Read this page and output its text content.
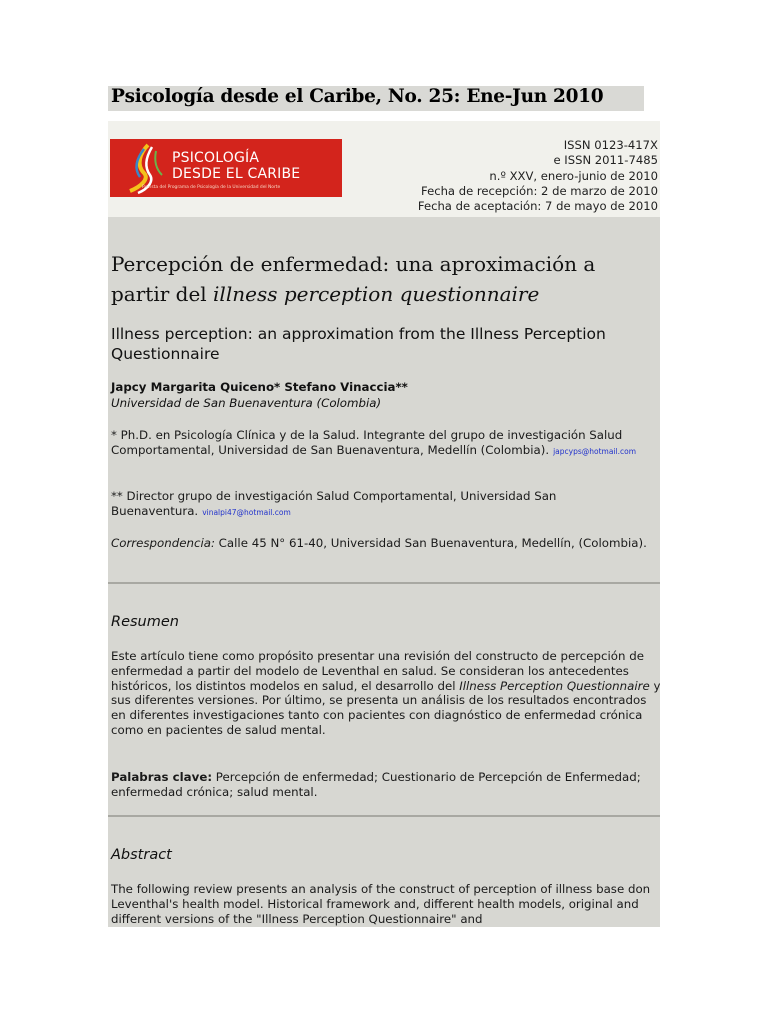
Psicología desde el Caribe, No. 25: Ene-Jun 2010
PSICOLOGÍA
DESDE EL CARIBE
Revista del Programa de Psicología de la Universidad del Norte
ISSN 0123-417X
e ISSN 2011-7485
n.º XXV, enero-junio de 2010
Fecha de recepción: 2 de marzo de 2010
Fecha de aceptación: 7 de mayo de 2010
Percepción de enfermedad: una aproximación a partir del illness perception questionnaire
Illness perception: an approximation from the Illness Perception Questionnaire
Japcy Margarita Quiceno* Stefano Vinaccia**
Universidad de San Buenaventura (Colombia)
* Ph.D. en Psicología Clínica y de la Salud. Integrante del grupo de investigación Salud Comportamental, Universidad de San Buenaventura, Medellín (Colombia). japcyps@hotmail.com
** Director grupo de investigación Salud Comportamental, Universidad San Buenaventura. vinalpi47@hotmail.com
Correspondencia: Calle 45 N° 61-40, Universidad San Buenaventura, Medellín, (Colombia).
Resumen
Este artículo tiene como propósito presentar una revisión del constructo de percepción de enfermedad a partir del modelo de Leventhal en salud. Se consideran los antecedentes históricos, los distintos modelos en salud, el desarrollo del Illness Perception Questionnaire y sus diferentes versiones. Por último, se presenta un análisis de los resultados encontrados en diferentes investigaciones tanto con pacientes con diagnóstico de enfermedad crónica como en pacientes de salud mental.
Palabras clave: Percepción de enfermedad; Cuestionario de Percepción de Enfermedad; enfermedad crónica; salud mental.
Abstract
The following review presents an analysis of the construct of perception of illness base don Leventhal's health model. Historical framework and, different health models, original and different versions of the "Illness Perception Questionnaire" and
